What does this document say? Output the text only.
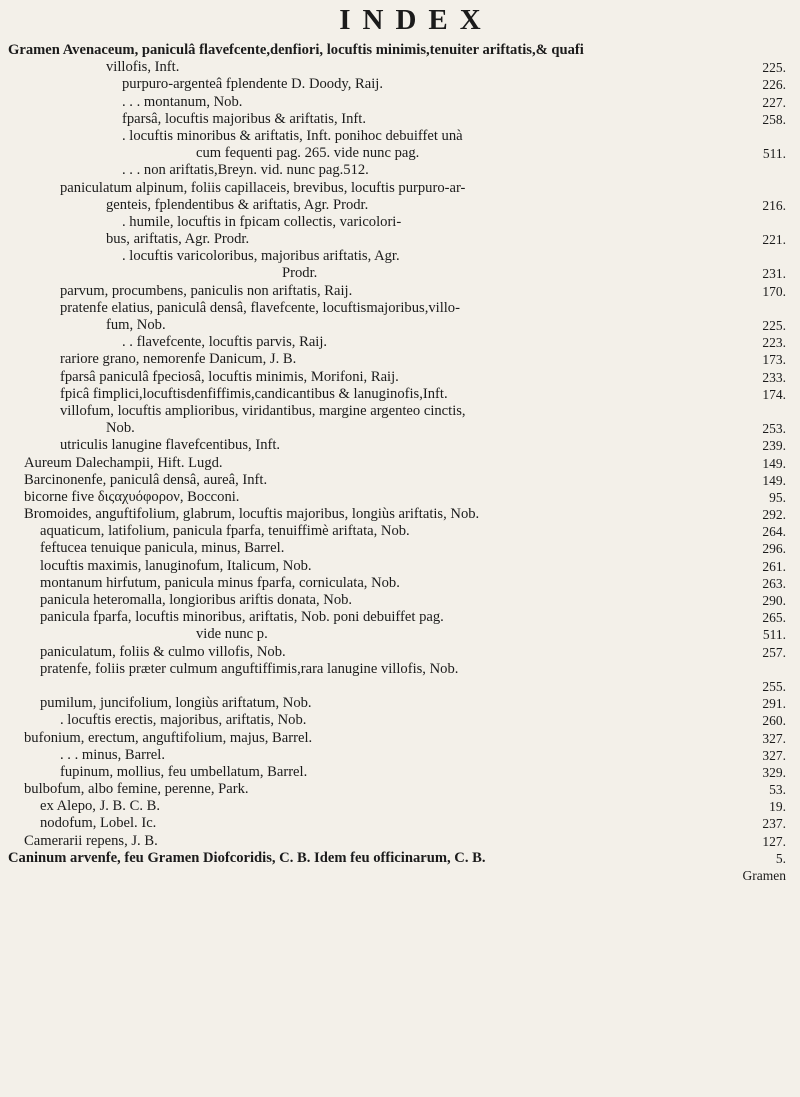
INDEX
Gramen Avenaceum, paniculâ flavefcente,denfiori, locuftis minimis,tenuiter ariftatis,& quafi
villofis, Inft.	225.
purpuro-argenteâ fplendente D. Doody, Raij.	226.
. . . montanum, Nob.	227.
fparsâ, locuftis majoribus & ariftatis, Inft.	258.
. locuftis minoribus & ariftatis, Inft. ponihoc debuiffet unà
cum fequenti pag. 265. vide nunc pag.	511.
. . . non ariftatis,Breyn. vid. nunc pag.512.
paniculatum alpinum, foliis capillaceis, brevibus, locuftis purpuro-ar-
genteis, fplendentibus & ariftatis, Agr. Prodr.	216.
. humile, locuftis in fpicam collectis, varicolori-
bus, ariftatis, Agr. Prodr.	221.
. locuftis varicoloribus, majoribus ariftatis, Agr.
Prodr.	231.
parvum, procumbens, paniculis non ariftatis, Raij.	170.
pratenfe elatius, paniculâ densâ, flavefcente, locuftismajoribus,villo-
fum, Nob.	225.
. . flavefcente, locuftis parvis, Raij.	223.
rariore grano, nemorenfe Danicum, J. B.	173.
fparsâ paniculâ fpeciosâ, locuftis minimis, Morifoni, Raij.	233.
fpicâ fimplici,locuftisdenfiffimis,candicantibus & lanuginofis,Inft.	174.
villofum, locuftis amplioribus, viridantibus, margine argenteo cinctis,
Nob.	253.
utriculis lanugine flavefcentibus, Inft.	239.
Aureum Dalechampii, Hift. Lugd.	149.
Barcinonenfe, paniculâ densâ, aureâ, Inft.	149.
bicorne five διςαχυόφορον, Bocconi.	95.
Bromoides, anguftifolium, glabrum, locuftis majoribus, longiùs ariftatis, Nob.	292.
aquaticum, latifolium, panicula fparfa, tenuiffimè ariftata, Nob.	264.
feftucea tenuique panicula, minus, Barrel.	296.
locuftis maximis, lanuginofum, Italicum, Nob.	261.
montanum hirfutum, panicula minus fparfa, corniculata, Nob.	263.
panicula heteromalla, longioribus ariftis donata, Nob.	290.
panicula fparfa, locuftis minoribus, ariftatis, Nob. poni debuiffet pag.	265.
vide nunc p.	511.
paniculatum, foliis & culmo villofis, Nob.	257.
pratenfe, foliis præter culmum anguftiffimis,rara lanugine villofis, Nob.
255.
pumilum, juncifolium, longiùs ariftatum, Nob.	291.
. locuftis erectis, majoribus, ariftatis, Nob.	260.
bufonium, erectum, anguftifolium, majus, Barrel.	327.
. . . minus, Barrel.	327.
fupinum, mollius, feu umbellatum, Barrel.	329.
bulbofum, albo femine, perenne, Park.	53.
ex Alepo, J. B. C. B.	19.
nodofum, Lobel. Ic.	237.
Camerarii repens, J. B.	127.
Caninum arvenfe, feu Gramen Diofcoridis, C. B. Idem feu officinarum, C. B.	5.
Gramen
